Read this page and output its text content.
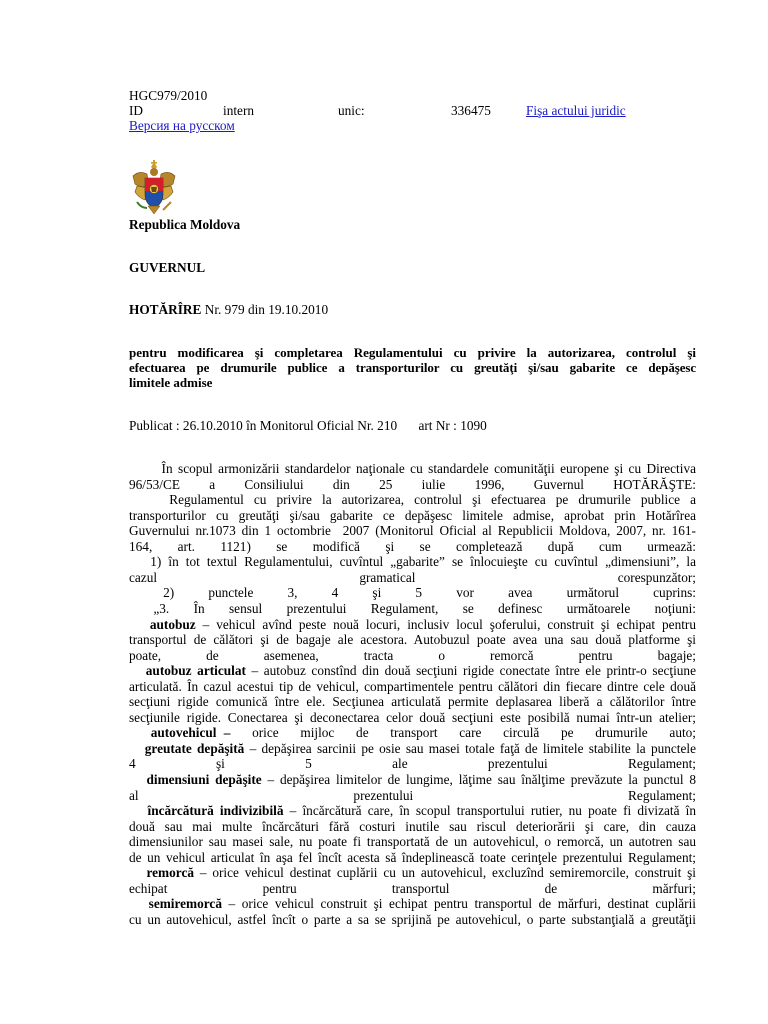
HGC979/2010
ID	intern	unic:	336475	Fişa actului juridic
Версия на русском
Republica Moldova
GUVERNUL
HOTĂRÎRE Nr. 979 din 19.10.2010
pentru modificarea şi completarea Regulamentului cu privire la autorizarea, controlul şi
efectuarea pe drumurile publice a transporturilor cu greutăţi şi/sau gabarite ce depăşesc
limitele admise
Publicat : 26.10.2010 în Monitorul Oficial Nr. 210 art Nr : 1090
În scopul armonizării standardelor naţionale cu standardele comunităţii europene şi cu Directiva
96/53/CE   a   Consiliului   din   25   iulie   1996,   Guvernul   HOTĂRĂŞTE:
Regulamentul cu privire la autorizarea, controlul şi efectuarea pe drumurile publice a
transporturilor cu greutăţi şi/sau gabarite ce depăşesc limitele admise, aprobat prin Hotărîrea
Guvernului nr.1073 din 1 octombrie  2007 (Monitorul Oficial al Republicii Moldova, 2007, nr. 161-
164,   art.   1121)   se   modifică   şi   se   completează   după   cum   urmează:
1) în tot textul Regulamentului, cuvîntul „gabarite” se înlocuieşte cu cuvîntul „dimensiuni”, la
cazul   gramatical   corespunzător;
2)   punctele   3,   4   şi   5   vor   avea   următorul   cuprins:
„3.   În   sensul   prezentului   Regulament,   se   definesc   următoarele   noţiuni:
autobuz – vehicul avînd peste nouă locuri, inclusiv locul şoferului, construit şi echipat pentru
transportul de călători şi de bagaje ale acestora. Autobuzul poate avea una sau două platforme şi
poate,   de   asemenea,   tracta   o   remorcă   pentru   bagaje;
autobuz articulat – autobuz constînd din două secţiuni rigide conectate între ele printr-o secţiune
articulată. În cazul acestui tip de vehicul, compartimentele pentru călători din fiecare dintre cele două
secţiuni rigide comunică între ele. Secţiunea articulată permite deplasarea liberă a călătorilor între
secţiunile rigide. Conectarea şi deconectarea celor două secţiuni este posibilă numai într-un atelier;
autovehicul –   orice   mijloc   de   transport   care   circulă   pe   drumurile   auto;
greutate depăşită – depăşirea sarcinii pe osie sau masei totale faţă de limitele stabilite la punctele
4   şi   5   ale   prezentului   Regulament;
dimensiuni depăşite – depăşirea limitelor de lungime, lăţime sau înălţime prevăzute la punctul 8
al   prezentului   Regulament;
încărcătură indivizibilă – încărcătură care, în scopul transportului rutier, nu poate fi divizată în
două sau mai multe încărcături fără costuri inutile sau riscul deteriorării şi care, din cauza
dimensiunilor sau masei sale, nu poate fi transportată de un autovehicul, o remorcă, un autotren sau
de un vehicul articulat în aşa fel încît acesta să îndeplinească toate cerinţele prezentului Regulament;
remorcă – orice vehicul destinat cuplării cu un autovehicul, excluzînd semiremorcile, construit şi
echipat   pentru   transportul   de   mărfuri;
semiremorcă – orice vehicul construit şi echipat pentru transportul de mărfuri, destinat cuplării
cu un autovehicul, astfel încît o parte a sa se sprijină pe autovehicul, o parte substanţială a greutăţii
